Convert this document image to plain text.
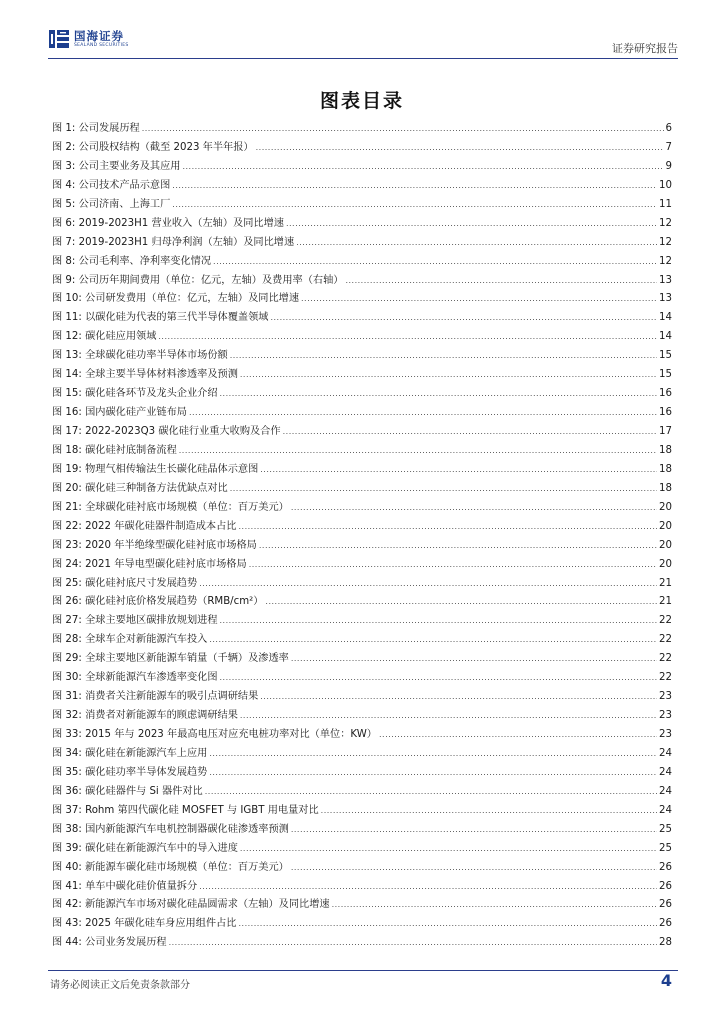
国海证券
SEALAND SECURITIES	证券研究报告
图表目录
图 1:
公司发展历程 .....	6
图 2:
公司股权结构（截至 2023 年半年报） .....	7
图 3:
公司主要业务及其应用 .....	9
图 4:
公司技术产品示意图 .....	10
图 5:
公司济南、上海工厂 .....	11
图 6:
2019-2023H1 营业收入（左轴）及同比增速 .....	12
图 7:
2019-2023H1 归母净利润（左轴）及同比增速 .....	12
图 8:
公司毛利率、净利率变化情况 .....	12
图 9:
公司历年期间费用（单位：亿元，左轴）及费用率（右轴） .....	13
图 10:
公司研发费用（单位：亿元，左轴）及同比增速 .....	13
图 11:
以碳化硅为代表的第三代半导体覆盖领域 .....	14
图 12:
碳化硅应用领域 .....	14
图 13:
全球碳化硅功率半导体市场份额 .....	15
图 14:
全球主要半导体材料渗透率及预测 .....	15
图 15:
碳化硅各环节及龙头企业介绍 .....	16
图 16:
国内碳化硅产业链布局 .....	16
图 17:
2022-2023Q3 碳化硅行业重大收购及合作 .....	17
图 18:
碳化硅衬底制备流程 .....	18
图 19:
物理气相传输法生长碳化硅晶体示意图 .....	18
图 20:
碳化硅三种制备方法优缺点对比 .....	18
图 21:
全球碳化硅衬底市场规模（单位：百万美元） .....	20
图 22:
2022 年碳化硅器件制造成本占比 .....	20
图 23:
2020 年半绝缘型碳化硅衬底市场格局 .....	20
图 24:
2021 年导电型碳化硅衬底市场格局 .....	20
图 25:
碳化硅衬底尺寸发展趋势 .....	21
图 26:
碳化硅衬底价格发展趋势（RMB/cm²） .....	21
图 27:
全球主要地区碳排放规划进程 .....	22
图 28:
全球车企对新能源汽车投入 .....	22
图 29:
全球主要地区新能源车销量（千辆）及渗透率 .....	22
图 30:
全球新能源汽车渗透率变化图 .....	22
图 31:
消费者关注新能源车的吸引点调研结果 .....	23
图 32:
消费者对新能源车的顾虑调研结果 .....	23
图 33:
2015 年与 2023 年最高电压对应充电桩功率对比（单位：KW） .....	23
图 34:
碳化硅在新能源汽车上应用 .....	24
图 35:
碳化硅功率半导体发展趋势 .....	24
图 36:
碳化硅器件与 Si 器件对比 .....	24
图 37:
Rohm 第四代碳化硅 MOSFET 与 IGBT 用电量对比 .....	24
图 38:
国内新能源汽车电机控制器碳化硅渗透率预测 .....	25
图 39:
碳化硅在新能源汽车中的导入进度 .....	25
图 40:
新能源车碳化硅市场规模（单位：百万美元） .....	26
图 41:
单车中碳化硅价值量拆分 .....	26
图 42:
新能源汽车市场对碳化硅晶圆需求（左轴）及同比增速 .....	26
图 43:
2025 年碳化硅车身应用组件占比 .....	26
图 44:
公司业务发展历程 .....	28
请务必阅读正文后免责条款部分	4
